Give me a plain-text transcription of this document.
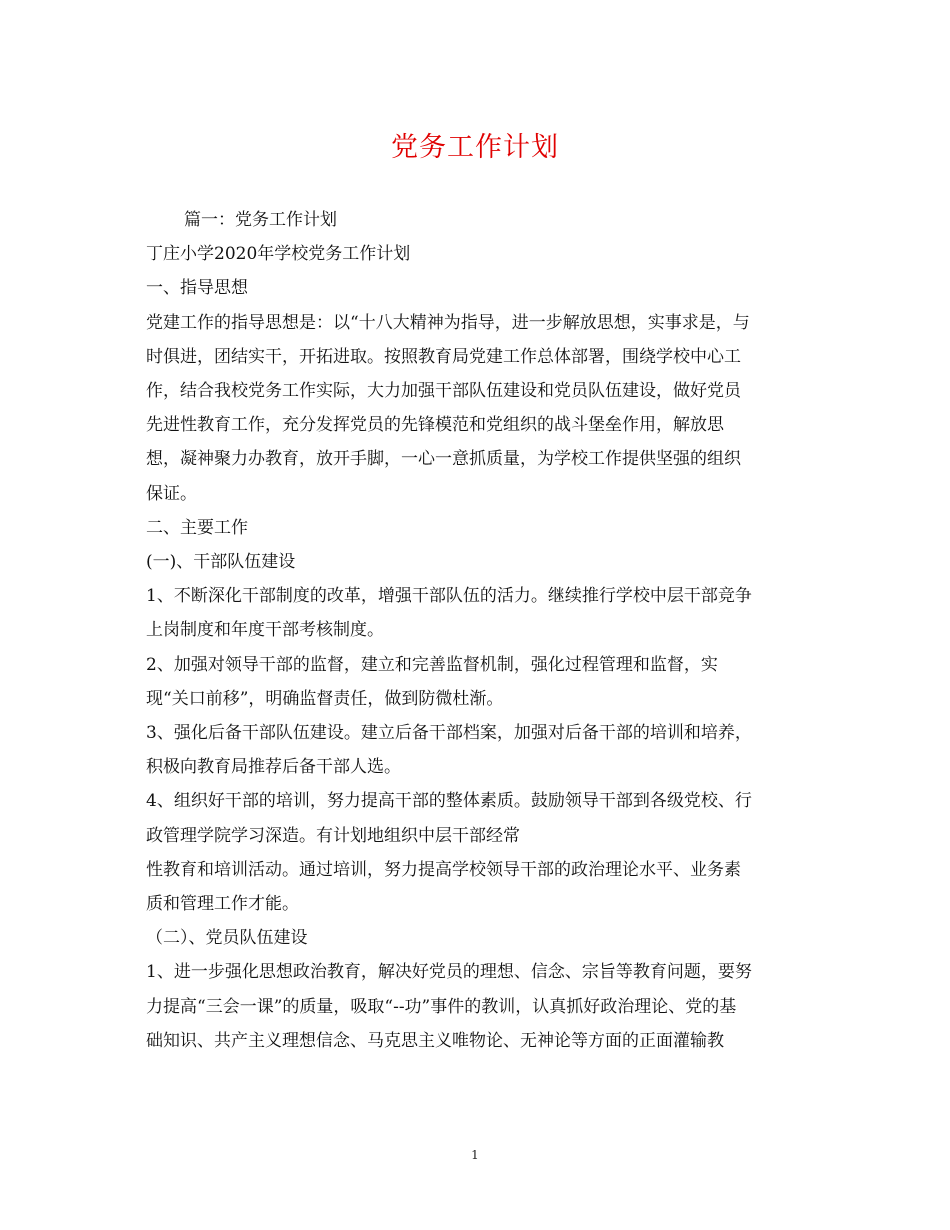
党务工作计划

篇一：党务工作计划

丁庄小学2020年学校党务工作计划

一、指导思想

党建工作的指导思想是：以“十八大精神为指导，进一步解放思想，实事求是，与

时俱进，团结实干，开拓进取。按照教育局党建工作总体部署，围绕学校中心工

作，结合我校党务工作实际，大力加强干部队伍建设和党员队伍建设，做好党员

先进性教育工作，充分发挥党员的先锋模范和党组织的战斗堡垒作用，解放思

想，凝神聚力办教育，放开手脚，一心一意抓质量，为学校工作提供坚强的组织

保证。

二、主要工作

(一)、干部队伍建设

1、不断深化干部制度的改革，增强干部队伍的活力。继续推行学校中层干部竞争

上岗制度和年度干部考核制度。

2、加强对领导干部的监督，建立和完善监督机制，强化过程管理和监督，实

现“关口前移”，明确监督责任，做到防微杜渐。

3、强化后备干部队伍建设。建立后备干部档案，加强对后备干部的培训和培养，

积极向教育局推荐后备干部人选。

4、组织好干部的培训，努力提高干部的整体素质。鼓励领导干部到各级党校、行

政管理学院学习深造。有计划地组织中层干部经常

性教育和培训活动。通过培训，努力提高学校领导干部的政治理论水平、业务素

质和管理工作才能。

（二）、党员队伍建设

1、进一步强化思想政治教育，解决好党员的理想、信念、宗旨等教育问题，要努

力提高“三会一课”的质量，吸取“--功”事件的教训，认真抓好政治理论、党的基

础知识、共产主义理想信念、马克思主义唯物论、无神论等方面的正面灌输教

1
